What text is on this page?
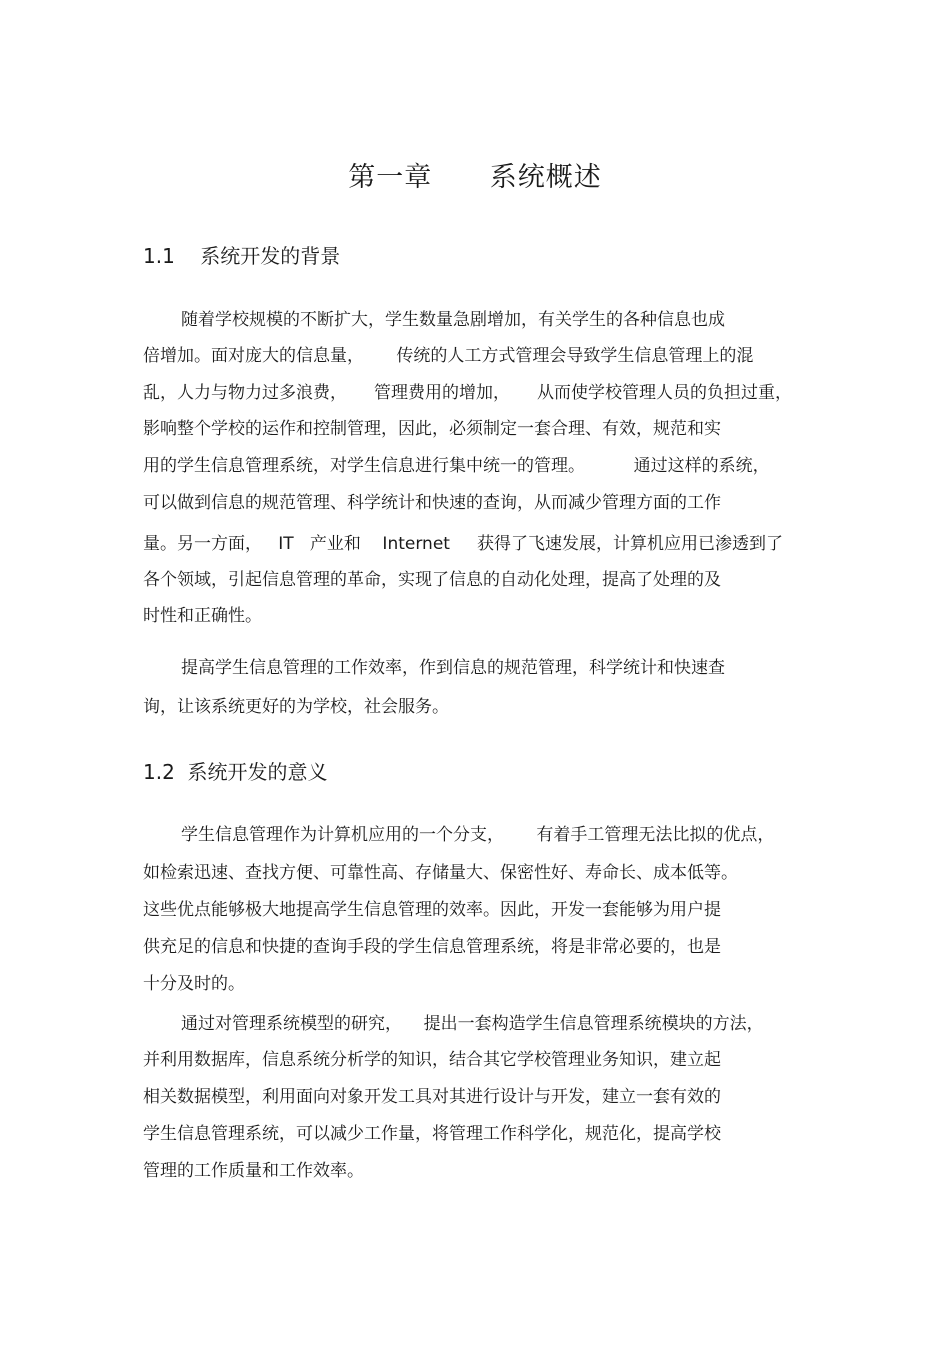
第一章      系统概述
1.1    系统开发的背景
随着学校规模的不断扩大，学生数量急剧增加，有关学生的各种信息也成
倍增加。面对庞大的信息量，      传统的人工方式管理会导致学生信息管理上的混
乱，人力与物力过多浪费，     管理费用的增加，     从而使学校管理人员的负担过重，
影响整个学校的运作和控制管理，因此，必须制定一套合理、有效，规范和实
用的学生信息管理系统，对学生信息进行集中统一的管理。         通过这样的系统，
可以做到信息的规范管理、科学统计和快速的查询，从而减少管理方面的工作
量。另一方面，   IT   产业和    Internet     获得了飞速发展，计算机应用已渗透到了
各个领域，引起信息管理的革命，实现了信息的自动化处理，提高了处理的及
时性和正确性。
提高学生信息管理的工作效率，作到信息的规范管理，科学统计和快速查
询，让该系统更好的为学校，社会服务。
1.2  系统开发的意义
学生信息管理作为计算机应用的一个分支，      有着手工管理无法比拟的优点，
如检索迅速、查找方便、可靠性高、存储量大、保密性好、寿命长、成本低等。
这些优点能够极大地提高学生信息管理的效率。因此，开发一套能够为用户提
供充足的信息和快捷的查询手段的学生信息管理系统，将是非常必要的，也是
十分及时的。
通过对管理系统模型的研究，    提出一套构造学生信息管理系统模块的方法，
并利用数据库，信息系统分析学的知识，结合其它学校管理业务知识，建立起
相关数据模型，利用面向对象开发工具对其进行设计与开发，建立一套有效的
学生信息管理系统，可以减少工作量，将管理工作科学化，规范化，提高学校
管理的工作质量和工作效率。
